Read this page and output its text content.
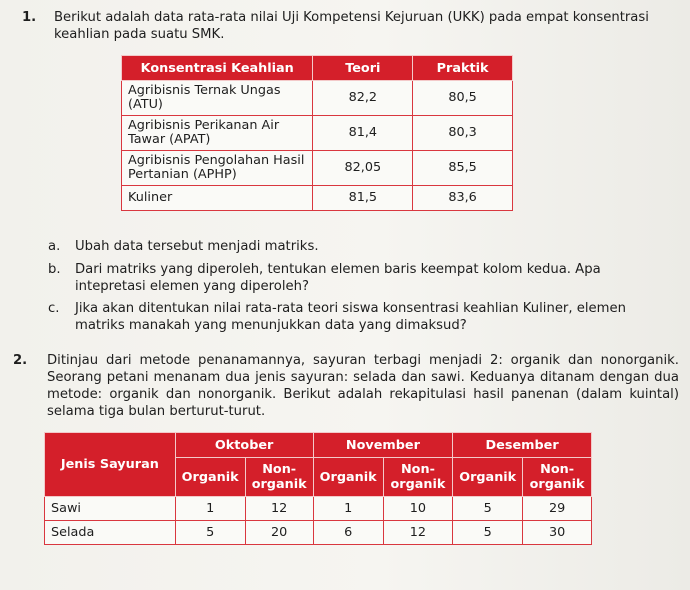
1. Berikut adalah data rata-rata nilai Uji Kompetensi Kejuruan (UKK) pada empat konsentrasi keahlian pada suatu SMK.
Konsentrasi Keahlian	Teori	Praktik
Agribisnis Ternak Ungas (ATU)	82,2	80,5
Agribisnis Perikanan Air Tawar (APAT)	81,4	80,3
Agribisnis Pengolahan Hasil Pertanian (APHP)	82,05	85,5
Kuliner	81,5	83,6
a. Ubah data tersebut menjadi matriks.
b. Dari matriks yang diperoleh, tentukan elemen baris keempat kolom kedua. Apa intepretasi elemen yang diperoleh?
c. Jika akan ditentukan nilai rata-rata teori siswa konsentrasi keahlian Kuliner, elemen matriks manakah yang menunjukkan data yang dimaksud?
2. Ditinjau dari metode penanamannya, sayuran terbagi menjadi 2: organik dan nonorganik. Seorang petani menanam dua jenis sayuran: selada dan sawi. Keduanya ditanam dengan dua metode: organik dan nonorganik. Berikut adalah rekapitulasi hasil panenan (dalam kuintal) selama tiga bulan berturut-turut.
Jenis Sayuran	Oktober		November		Desember	
	Organik	Non-organik	Organik	Non-organik	Organik	Non-organik
Sawi	1	12	1	10	5	29
Selada	5	20	6	12	5	30
